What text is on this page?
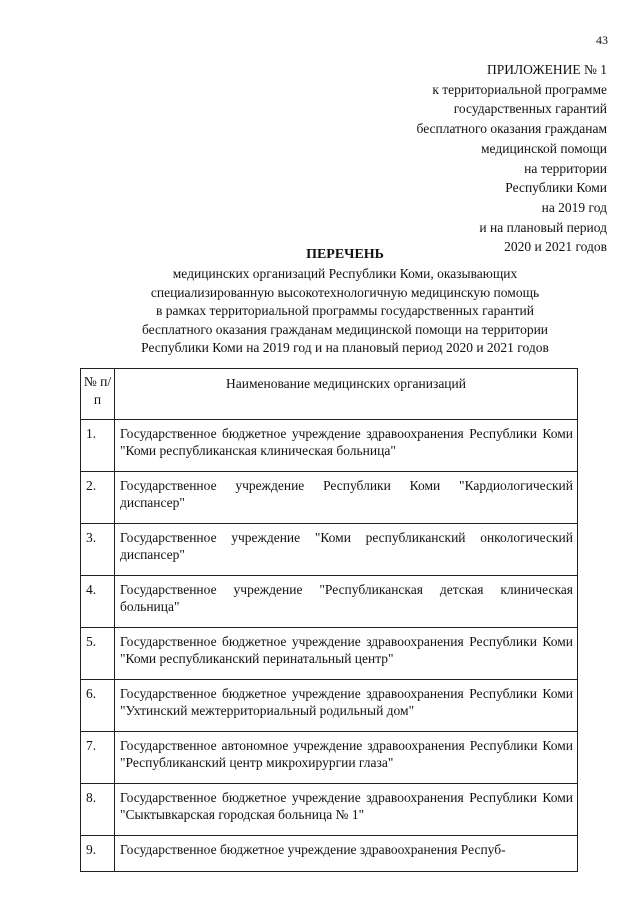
43
ПРИЛОЖЕНИЕ № 1
к территориальной программе
государственных гарантий
бесплатного оказания гражданам
медицинской помощи
на территории
Республики Коми
на 2019 год
и на плановый период
2020 и 2021 годов
ПЕРЕЧЕНЬ
медицинских организаций Республики Коми, оказывающих
специализированную высокотехнологичную медицинскую помощь
в рамках территориальной программы государственных гарантий
бесплатного оказания гражданам медицинской помощи на территории
Республики Коми на 2019 год и на плановый период 2020 и 2021 годов
№ п/п	Наименование медицинских организаций
1.	Государственное бюджетное учреждение здравоохранения Республики Коми "Коми республиканская клиническая больница"
2.	Государственное учреждение Республики Коми "Кардиологический диспансер"
3.	Государственное учреждение "Коми республиканский онкологический диспансер"
4.	Государственное учреждение "Республиканская детская клиническая больница"
5.	Государственное бюджетное учреждение здравоохранения Республики Коми "Коми республиканский перинатальный центр"
6.	Государственное бюджетное учреждение здравоохранения Республики Коми "Ухтинский межтерриториальный родильный дом"
7.	Государственное автономное учреждение здравоохранения Республики Коми "Республиканский центр микрохирургии глаза"
8.	Государственное бюджетное учреждение здравоохранения Республики Коми "Сыктывкарская городская больница № 1"
9.	Государственное бюджетное учреждение здравоохранения Респуб-
